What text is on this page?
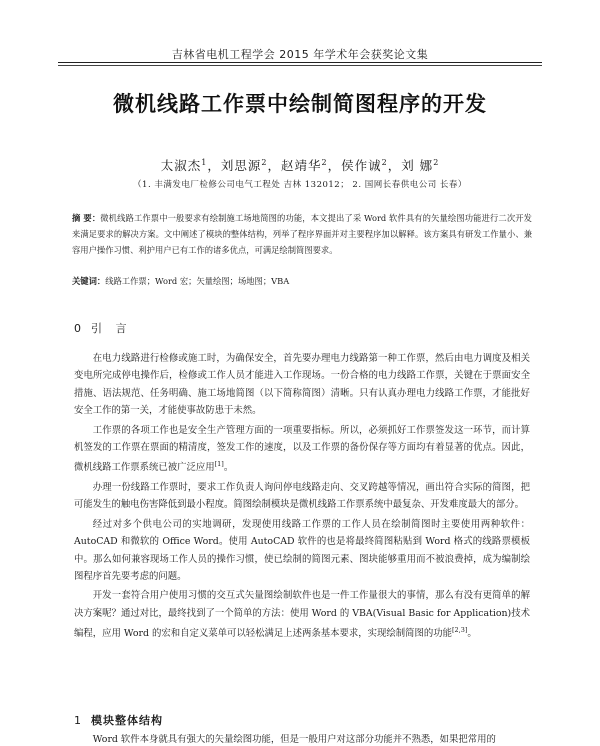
吉林省电机工程学会 2015 年学术年会获奖论文集
微机线路工作票中绘制简图程序的开发
太淑杰$^1$，刘思源$^2$，赵靖华$^2$，侯作诚$^2$，刘 娜$^2$
（1. 丰满发电厂检修公司电气工程处 吉林 132012； 2. 国网长春供电公司 长春）
摘 要：微机线路工作票中一般要求有绘制施工场地简图的功能，本文提出了采 Word 软件具有的矢量绘图功能进行二次开发来满足要求的解决方案。文中阐述了模块的整体结构，列举了程序界面并对主要程序加以解释。该方案具有研发工作量小、兼容用户操作习惯、利护用户已有工作的诸多优点，可满足绘制简图要求。
关键词：线路工作票；Word 宏；矢量绘图；场地图；VBA
0 引 言

在电力线路进行检修或施工时，为确保安全，首先要办理电力线路第一种工作票，然后由电力调度及相关变电所完成停电操作后，检修或工作人员才能进入工作现场。一份合格的电力线路工作票，关键在于票面安全措施、语法规范、任务明确、施工场地简图（以下简称简图）清晰。只有认真办理电力线路工作票，才能批好安全工作的第一关，才能使事故防患于未然。

工作票的各项工作也是安全生产管理方面的一项重要指标。所以，必须抓好工作票签发这一环节，而计算机签发的工作票在票面的精清度，签发工作的速度，以及工作票的备份保存等方面均有着显著的优点。因此，微机线路工作票系统已被广泛应用[1]。

办理一份线路工作票时，要求工作负责人询问停电线路走向、交叉跨越等情况，画出符合实际的简图，把可能发生的触电伤害降低到最小程度。简图绘制模块是微机线路工作票系统中最复杂、开发难度最大的部分。

经过对多个供电公司的实地调研，发现使用线路工作票的工作人员在绘制简图时主要使用两种软件：AutoCAD 和微软的 Office Word。使用 AutoCAD 软件的也是将最终简图粘贴到 Word 格式的线路票模板中。那么如何兼容现场工作人员的操作习惯，使已绘制的简图元素、图块能够重用而不被浪费掉，成为编制绘图程序首先要考虑的问题。

开发一套符合用户使用习惯的交互式矢量图绘制软件也是一件工作量很大的事情，那么有没有更简单的解决方案呢？通过对比，最终找到了一个简单的方法：使用 Word 的 VBA(Visual Basic for Application)技术编程，应用 Word 的宏和自定义菜单可以轻松满足上述两条基本要求，实现绘制简图的功能[2,3]。

1 模块整体结构
Word 软件本身就具有强大的矢量绘图功能，但是一般用户对这部分功能并不熟悉，如果把常用的
